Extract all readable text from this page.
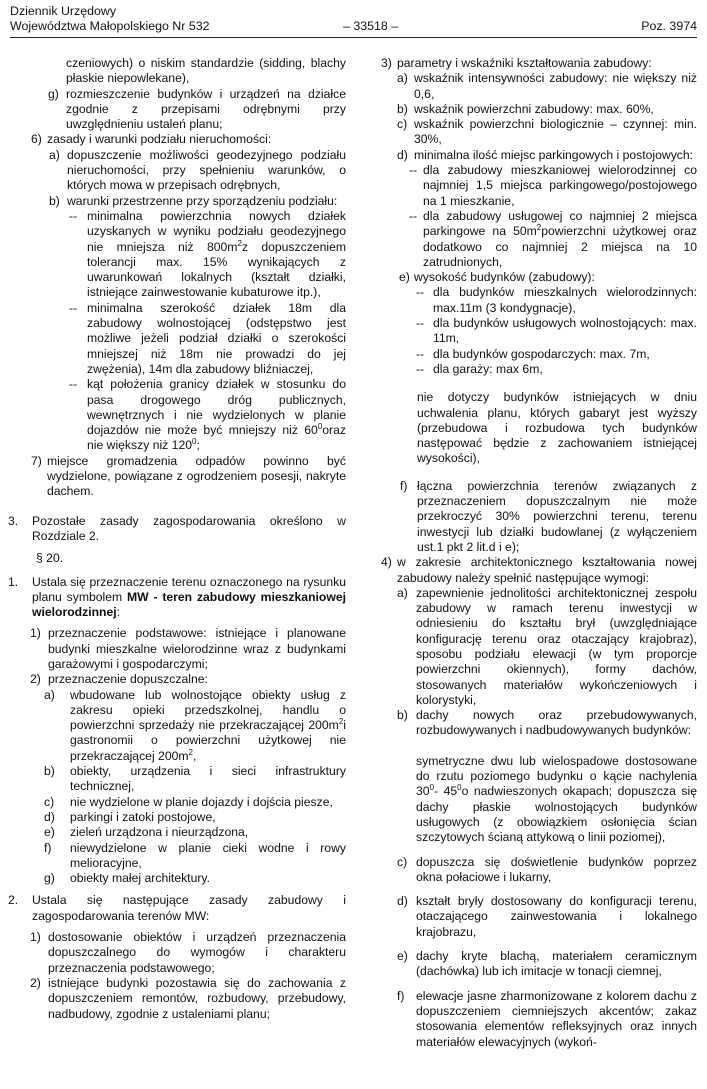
Dziennik Urzędowy
Województwa Małopolskiego Nr 532	– 33518 –	Poz. 3974
czeniowych) o niskim standardzie (sidding, blachy płaskie niepowlekane),
g) rozmieszczenie budynków i urządzeń na działce zgodnie z przepisami odrębnymi przy uwzględnieniu ustaleń planu;
6) zasady i warunki podziału nieruchomości:
a) dopuszczenie możliwości geodezyjnego podziału nieruchomości, przy spełnieniu warunków, o których mowa w przepisach odrębnych,
b) warunki przestrzenne przy sporządzeniu podziału:
-- minimalna powierzchnia nowych działek uzyskanych w wyniku podziału geodezyjnego nie mniejsza niż $800m^2z$ dopuszczeniem tolerancji max. 15% wynikających z uwarunkowań lokalnych (kształt działki, istniejące zainwestowanie kubaturowe itp.),
-- minimalna szerokość działek 18m dla zabudowy wolnostojącej (odstępstwo jest możliwe jeżeli podział działki o szerokości mniejszej niż 18m nie prowadzi do jej zwężenia), 14m dla zabudowy bliźniaczej,
-- kąt położenia granicy działek w stosunku do pasa drogowego dróg publicznych, wewnętrznych i nie wydzielonych w planie dojazdów nie może być mniejszy niż $60^0oraz$ nie większy niż $120^0$;
7) miejsce gromadzenia odpadów powinno być wydzielone, powiązane z ogrodzeniem posesji, nakryte dachem.
3.	Pozostałe zasady zagospodarowania określono w Rozdziale 2.
§ 20.
1.	Ustala się przeznaczenie terenu oznaczonego na rysunku planu symbolem MW - teren zabudowy mieszkaniowej wielorodzinnej:
1) przeznaczenie podstawowe: istniejące i planowane budynki mieszkalne wielorodzinne wraz z budynkami garażowymi i gospodarczymi;
2) przeznaczenie dopuszczalne:
a)	wbudowane lub wolnostojące obiekty usług z zakresu opieki przedszkolnej, handlu o powierzchni sprzedaży nie przekraczającej $200m^2i$ gastronomii o powierzchni użytkowej nie przekraczającej $200m^2$,
b)	obiekty, urządzenia i sieci infrastruktury technicznej,
c)	nie wydzielone w planie dojazdy i dojścia piesze,
d)	parkingi i zatoki postojowe,
e)	zieleń urządzona i nieurządzona,
f)	niewydzielone w planie cieki wodne i rowy melioracyjne,
g)	obiekty małej architektury.
2.	Ustala się następujące zasady zabudowy i zagospodarowania terenów MW:
1) dostosowanie obiektów i urządzeń przeznaczenia dopuszczalnego do wymogów i charakteru przeznaczenia podstawowego;
2) istniejące budynki pozostawia się do zachowania z dopuszczeniem remontów, rozbudowy, przebudowy, nadbudowy, zgodnie z ustaleniami planu;
3) parametry i wskaźniki kształtowania zabudowy:
a) wskaźnik intensywności zabudowy: nie większy niż 0,6,
b) wskaźnik powierzchni zabudowy: max. 60%,
c) wskaźnik powierzchni biologicznie – czynnej: min. 30%,
d) minimalna ilość miejsc parkingowych i postojowych:
-- dla zabudowy mieszkaniowej wielorodzinnej co najmniej 1,5 miejsca parkingowego/postojowego na 1 mieszkanie,
-- dla zabudowy usługowej co najmniej 2 miejsca parkingowe na $50m^2powierzchni$ użytkowej oraz dodatkowo co najmniej 2 miejsca na 10 zatrudnionych,
e) wysokość budynków (zabudowy):
-- dla budynków mieszkalnych wielorodzinnych: max.11m (3 kondygnacje),
-- dla budynków usługowych wolnostojących: max. 11m,
-- dla budynków gospodarczych: max. 7m,
-- dla garaży: max 6m,
nie dotyczy budynków istniejących w dniu uchwalenia planu, których gabaryt jest wyższy (przebudowa i rozbudowa tych budynków następować będzie z zachowaniem istniejącej wysokości),
f) łączna powierzchnia terenów związanych z przeznaczeniem dopuszczalnym nie może przekroczyć 30% powierzchni terenu, terenu inwestycji lub działki budowlanej (z wyłączeniem ust.1 pkt 2 lit.d i e);
4) w zakresie architektonicznego kształtowania nowej zabudowy należy spełnić następujące wymogi:
a) zapewnienie jednolitości architektonicznej zespołu zabudowy w ramach terenu inwestycji w odniesieniu do kształtu brył (uwzględniające konfigurację terenu oraz otaczający krajobraz), sposobu podziału elewacji (w tym proporcje powierzchni okiennych), formy dachów, stosowanych materiałów wykończeniowych i kolorystyki,
b) dachy nowych oraz przebudowywanych, rozbudowywanych i nadbudowywanych budynków:
symetryczne dwu lub wielospadowe dostosowane do rzutu poziomego budynku o kącie nachylenia $30^0-$ $45^0o$ nadwieszonych okapach; dopuszcza się dachy płaskie wolnostojących budynków usługowych (z obowiązkiem osłonięcia ścian szczytowych ścianą attykową o linii poziomej),
c) dopuszcza się doświetlenie budynków poprzez okna połaciowe i lukarny,
d) kształt bryły dostosowany do konfiguracji terenu, otaczającego zainwestowania i lokalnego krajobrazu,
e) dachy kryte blachą, materiałem ceramicznym (dachówka) lub ich imitacje w tonacji ciemnej,
f) elewacje jasne zharmonizowane z kolorem dachu z dopuszczeniem ciemniejszych akcentów; zakaz stosowania elementów refleksyjnych oraz innych materiałów elewacyjnych (wykoń-
